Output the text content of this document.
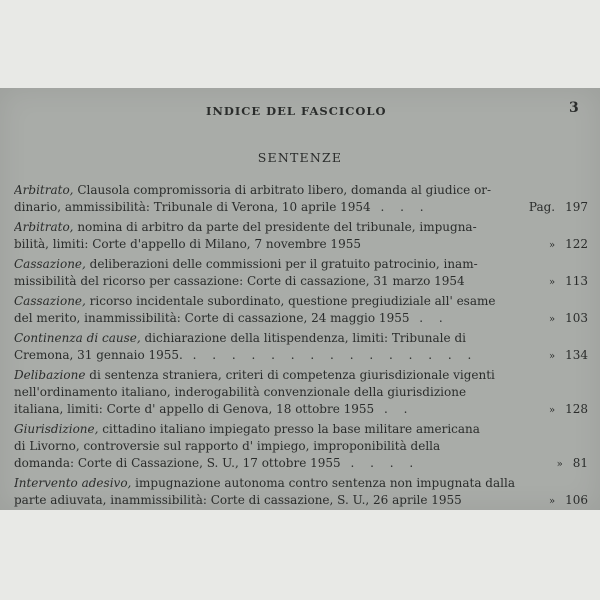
INDICE DEL FASCICOLO	3
SENTENZE
Arbitrato, Clausola compromissoria di arbitrato libero, domanda al giudice or-
dinario, ammissibilità: Tribunale di Verona, 10 aprile 1954 . . .	Pag. 197
Arbitrato, nomina di arbitro da parte del presidente del tribunale, impugna-
bilità, limiti: Corte d'appello di Milano, 7 novembre 1955	» 122
Cassazione, deliberazioni delle commissioni per il gratuito patrocinio, inam-
missibilità del ricorso per cassazione: Corte di cassazione, 31 marzo 1954	» 113
Cassazione, ricorso incidentale subordinato, questione pregiudiziale all' esame
del merito, inammissibilità: Corte di cassazione, 24 maggio 1955 . .	» 103
Continenza di cause, dichiarazione della litispendenza, limiti: Tribunale di
Cremona, 31 gennaio 1955. . . . . . . . . . . . . . . .	» 134
Delibazione di sentenza straniera, criteri di competenza giurisdizionale vigenti
nell'ordinamento italiano, inderogabilità convenzionale della giurisdizione
italiana, limiti: Corte d' appello di Genova, 18 ottobre 1955 . .	» 128
Giurisdizione, cittadino italiano impiegato presso la base militare americana
di Livorno, controversie sul rapporto d' impiego, improponibilità della
domanda: Corte di Cassazione, S. U., 17 ottobre 1955 . . . .	» 81
Intervento adesivo, impugnazione autonoma contro sentenza non impugnata dalla
parte adiuvata, inammissibilità: Corte di cassazione, S. U., 26 aprile 1955	» 106
